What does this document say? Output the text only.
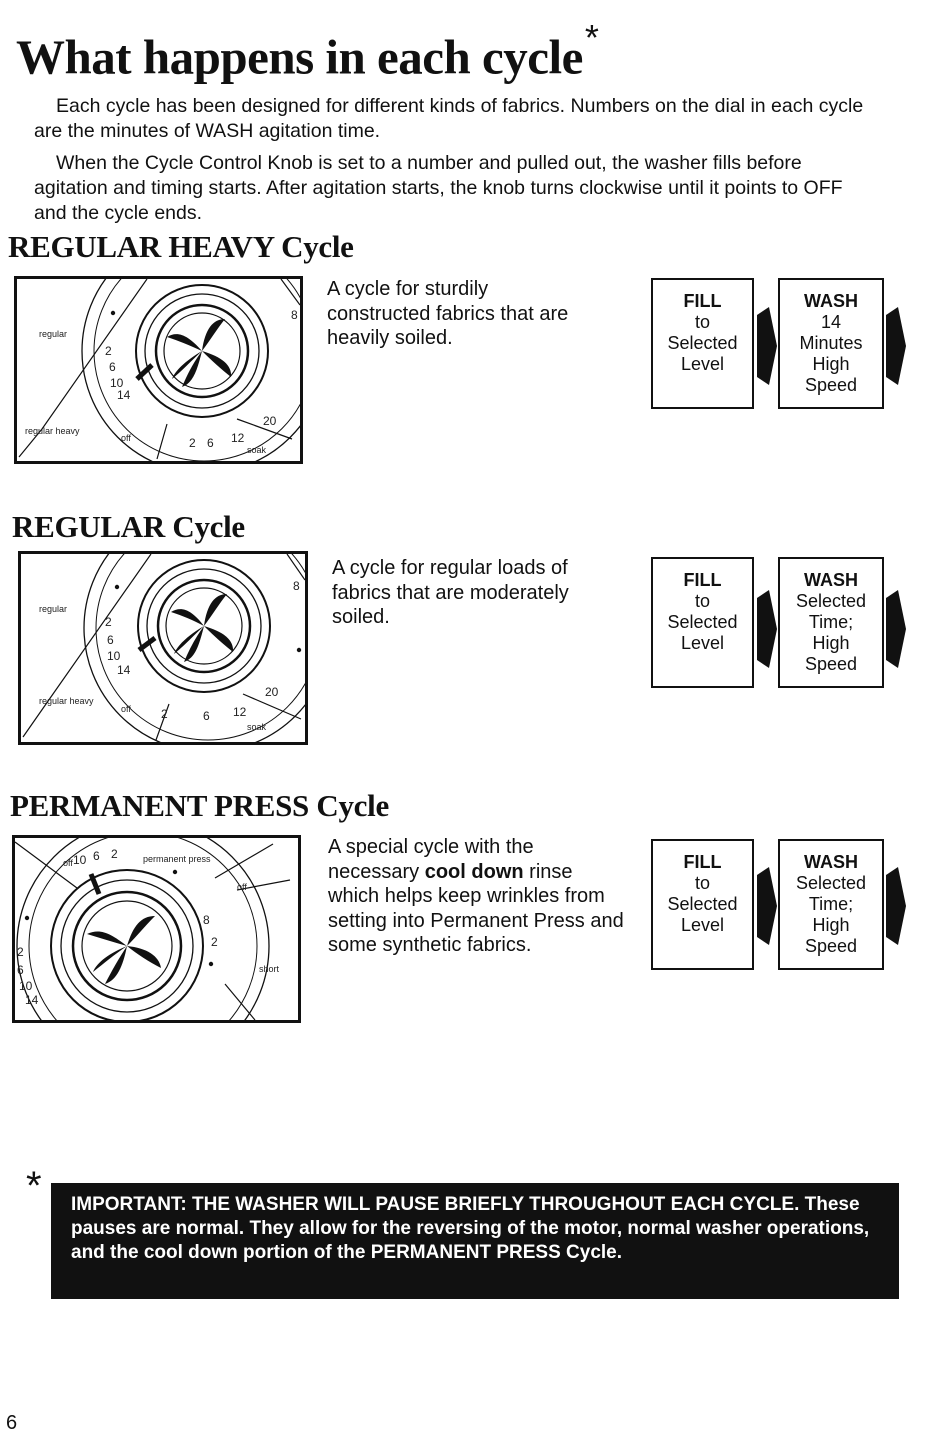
What happens in each cycle*

Each cycle has been designed for different kinds of fabrics. Numbers on the dial in each cycle are the minutes of WASH agitation time.

When the Cycle Control Knob is set to a number and pulled out, the washer fills before agitation and timing starts. After agitation starts, the knob turns clockwise until it points to OFF and the cycle ends.

REGULAR HEAVY Cycle
regular
regular heavy
off
soak
2
6
10
14
20
8
2 6 12

A cycle for sturdily constructed fabrics that are heavily soiled.

FILL
to
Selected
Level
WASH
14
Minutes
High
Speed
REGULAR Cycle
regular
regular heavy
off
soak
2
6
10
14
20
8
2	6 12

A cycle for regular loads of fabrics that are moderately soiled.

FILL
to
Selected
Level
WASH
Selected
Time;
High
Speed
PERMANENT PRESS Cycle
permanent press
off
off
short
10 6 2
2
6
10
14
8
2

A special cycle with the necessary cool down rinse which helps keep wrinkles from setting into Permanent Press and some synthetic fabrics.

FILL
to
Selected
Level
WASH
Selected
Time;
High
Speed
*	IMPORTANT: THE WASHER WILL PAUSE BRIEFLY THROUGHOUT EACH CYCLE. These pauses are normal. They allow for the reversing of the motor, normal washer operations, and the cool down portion of the PERMANENT PRESS Cycle.
6
